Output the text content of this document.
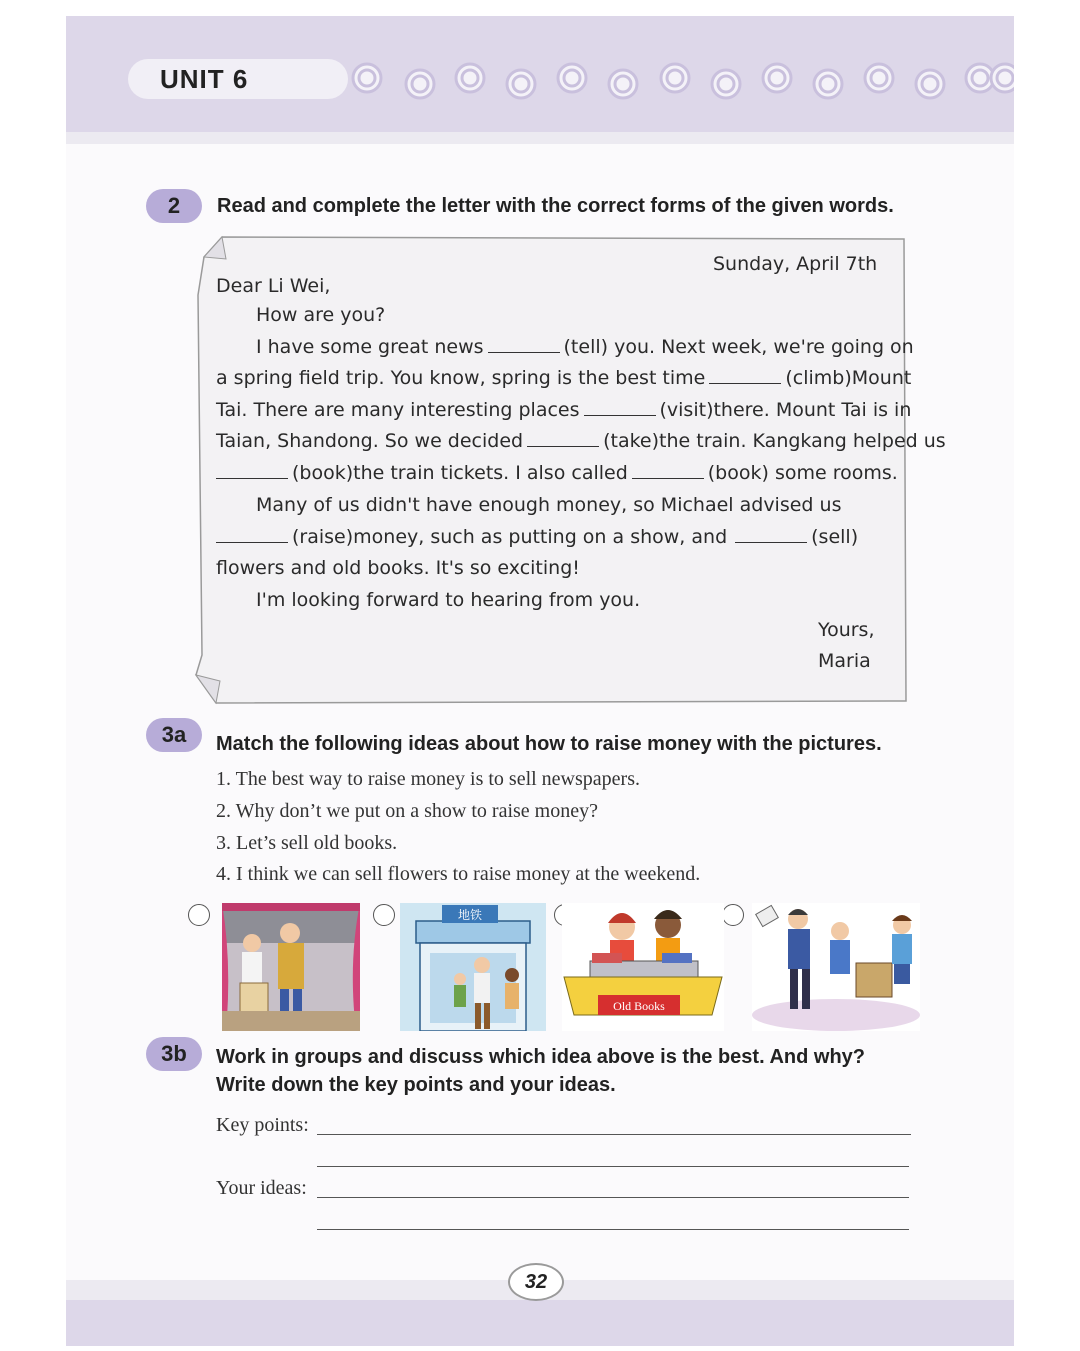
UNIT 6
2	Read and complete the letter with the correct forms of the given words.
Sunday, April 7th
Dear Li Wei,
How are you?
I have some great news	(tell) you. Next week, we're going on
a spring field trip. You know, spring is the best time	(climb)Mount
Tai. There are many interesting places	(visit)there. Mount Tai is in
Taian, Shandong. So we decided	(take)the train. Kangkang helped us
(book)the train tickets. I also called	(book) some rooms.
Many of us didn't have enough money, so Michael advised us
(raise)money, such as putting on a show, and	(sell)
flowers and old books. It's so exciting!
I'm looking forward to hearing from you.
Yours,
Maria
3a	Match the following ideas about how to raise money with the pictures.
1. The best way to raise money is to sell newspapers.
2. Why don’t we put on a show to raise money?
3. Let’s sell old books.
4. I think we can sell flowers to raise money at the weekend.
地铁
Old Books
3b	Work in groups and discuss which idea above is the best. And why?
Write down the key points and your ideas.
Key points:
Your ideas:
32
